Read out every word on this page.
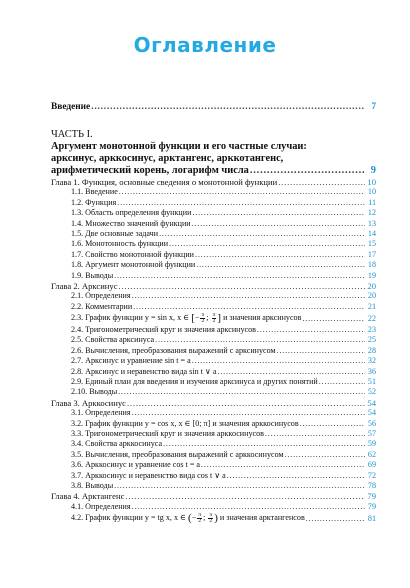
Оглавление
Введение .....	7
ЧАСТЬ I.
Аргумент монотонной функции и его частные случаи:
арксинус, арккосинус, арктангенс, арккотангенс,
арифметический корень, логарифм числа .....	9
Глава 1. Функция, основные сведения о монотонной функции .....	10
1.1. Введение .....	10
1.2. Функция .....	11
1.3. Область определения функции .....	12
1.4. Множество значений функции .....	13
1.5. Две основные задачи .....	14
1.6. Монотонность функции .....	15
1.7. Свойство монотонной функции .....	17
1.8. Аргумент монотонной функции .....	18
1.9. Выводы .....	19
Глава 2. Арксинус .....	20
2.1. Определения .....	20
2.2. Комментарии .....	21
2.3. График функции y = sin x, x ∈ [− $\frac{\pi}{2}$ ; $\frac{\pi}{2}$ ] и значения арксинусов .....	22
2.4. Тригонометрический круг и значения арксинусов .....	23
2.5. Свойства арксинуса .....	25
2.6. Вычисления, преобразования выражений с арксинусом .....	28
2.7. Арксинус и уравнение sin t = a .....	32
2.8. Арксинус и неравенство вида sin t ∨ a .....	36
2.9. Единый план для введения и изучения арксинуса и других понятий .....	51
2.10. Выводы .....	52
Глава 3. Арккосинус .....	54
3.1. Определения .....	54
3.2. График функции y = cos x, x ∈ [0; π] и значения арккосинусов .....	56
3.3. Тригонометрический круг и значения арккосинусов .....	57
3.4. Свойства арккосинуса .....	59
3.5. Вычисления, преобразования выражений с арккосинусом .....	62
3.6. Арккосинус и уравнение cos t = a .....	69
3.7. Арккосинус и неравенство вида cos t ∨ a .....	72
3.8. Выводы .....	78
Глава 4. Арктангенс .....	79
4.1. Определения .....	79
4.2. График функции y = tg x, x ∈ (− $\frac{\pi}{2}$ ; $\frac{\pi}{2}$ ) и значения арктангенсов .....	81
